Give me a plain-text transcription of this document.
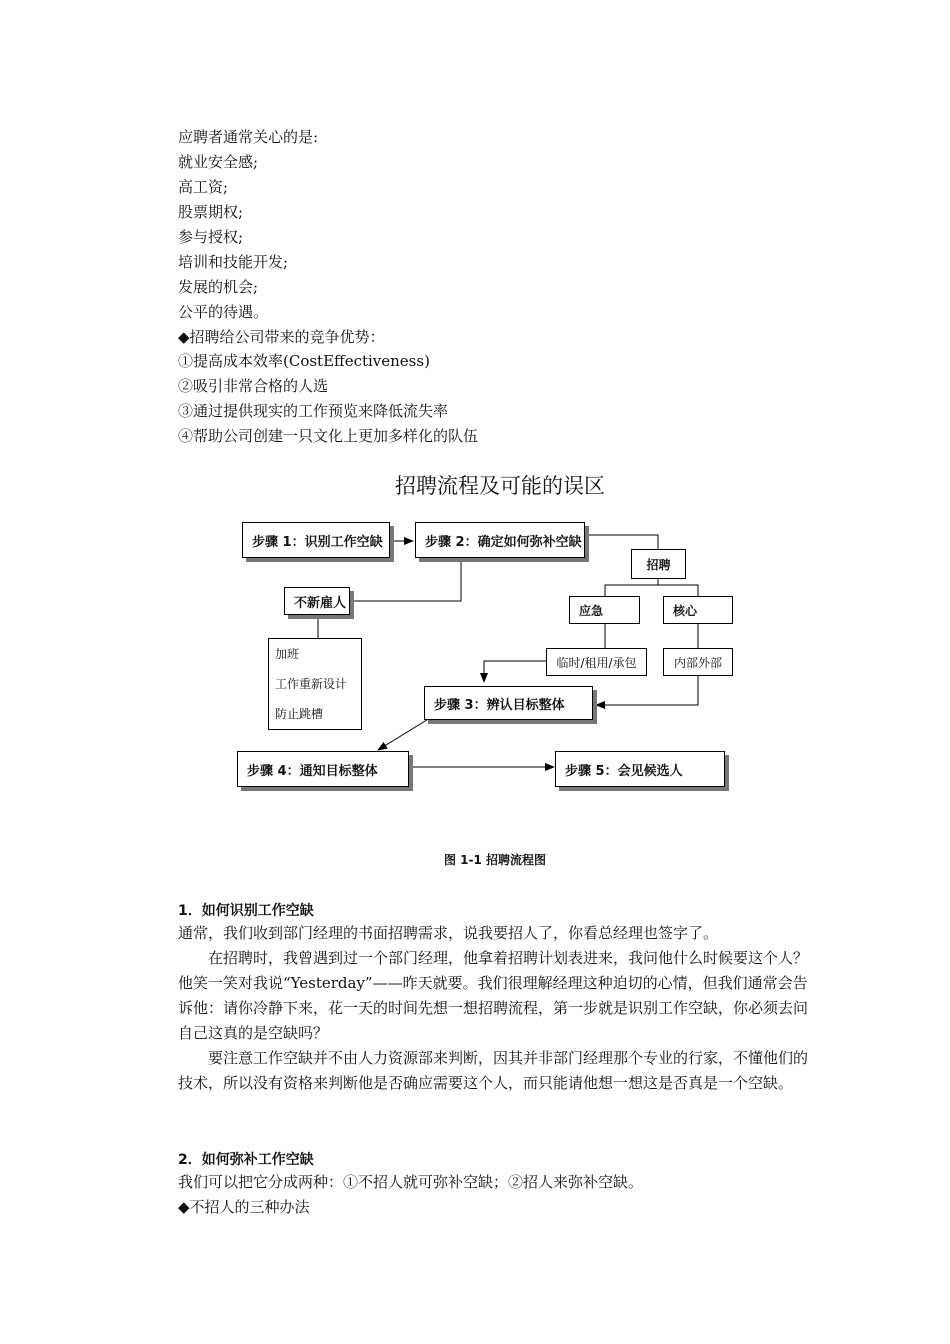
应聘者通常关心的是:
就业安全感;
高工资;
股票期权;
参与授权;
培训和技能开发;
发展的机会;
公平的待遇。
◆招聘给公司带来的竞争优势：
①提高成本效率(CostEffectiveness)
②吸引非常合格的人选
③通过提供现实的工作预览来降低流失率
④帮助公司创建一只文化上更加多样化的队伍
招聘流程及可能的误区
步骤 1：识别工作空缺	步骤 2：确定如何弥补空缺
不新雇人
加班
工作重新设计
防止跳槽
招聘
应急	核心
临时/租用/承包	内部外部
步骤 3：辨认目标整体
步骤 4：通知目标整体	步骤 5：会见候选人
图 1-1 招聘流程图
1．如何识别工作空缺
通常，我们收到部门经理的书面招聘需求，说我要招人了，你看总经理也签字了。
在招聘时，我曾遇到过一个部门经理，他拿着招聘计划表进来，我问他什么时候要这个人？他笑一笑对我说“Yesterday”——昨天就要。我们很理解经理这种迫切的心情，但我们通常会告诉他：请你冷静下来，花一天的时间先想一想招聘流程，第一步就是识别工作空缺，你必须去问自己这真的是空缺吗？
要注意工作空缺并不由人力资源部来判断，因其并非部门经理那个专业的行家，不懂他们的技术，所以没有资格来判断他是否确应需要这个人，而只能请他想一想这是否真是一个空缺。
2．如何弥补工作空缺
我们可以把它分成两种：①不招人就可弥补空缺；②招人来弥补空缺。
◆不招人的三种办法
